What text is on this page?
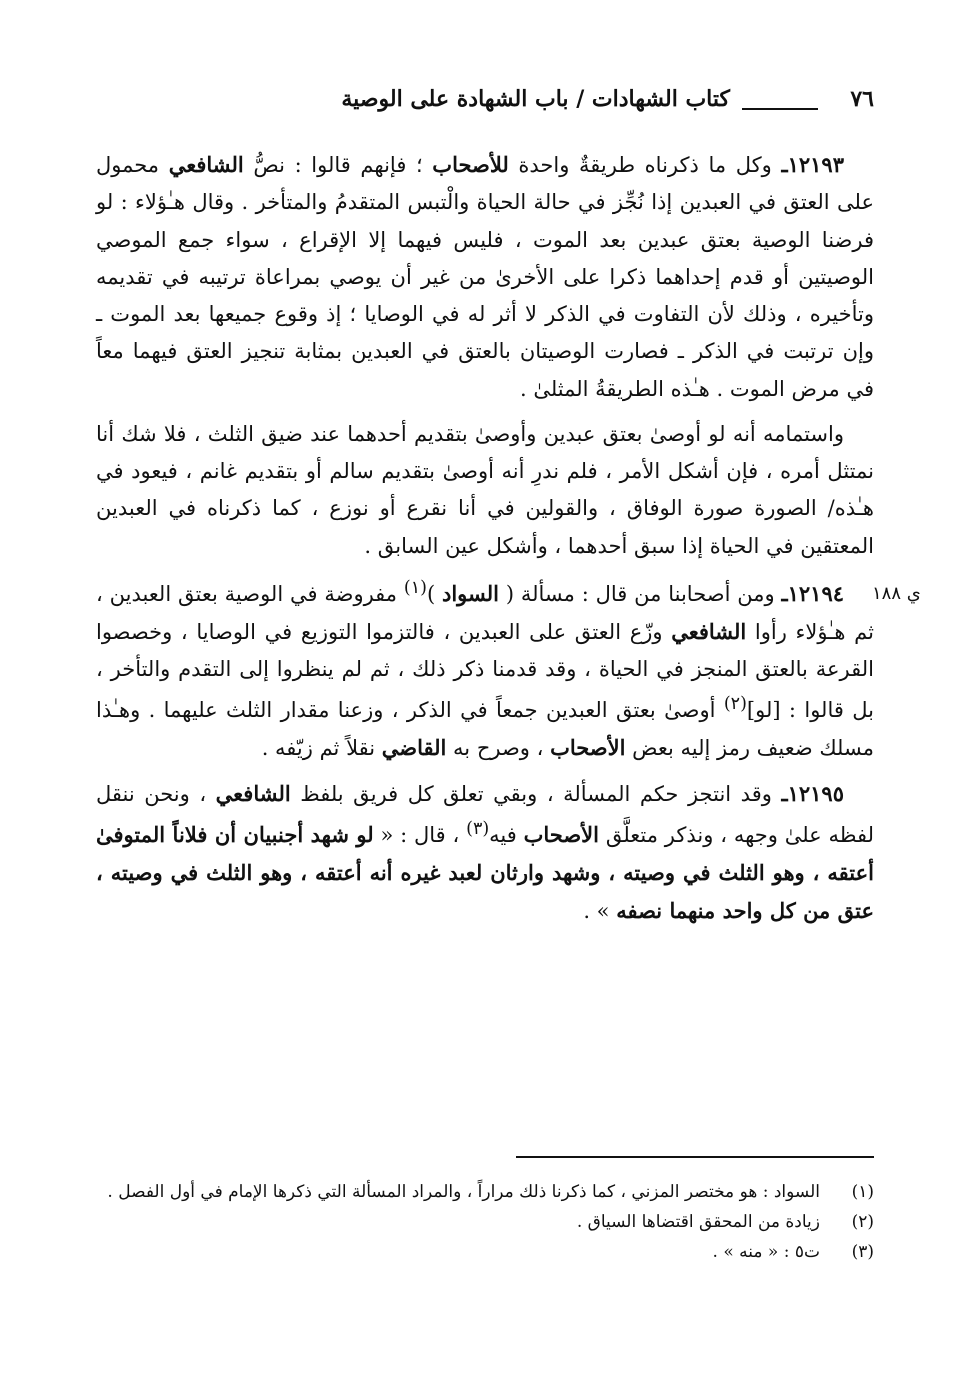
٧٦
كتاب الشهادات / باب الشهادة على الوصية

١٢١٩٣ـ وكل ما ذكرناه طريقةٌ واحدة للأصحاب ؛ فإنهم قالوا : نصُّ الشافعي محمول على العتق في العبدين إذا نُجِّز في حالة الحياة والْتبس المتقدمُ والمتأخر . وقال هـٰؤلاء : لو فرضنا الوصية بعتق عبدين بعد الموت ، فليس فيهما إلا الإقراع ، سواء جمع الموصي الوصيتين أو قدم إحداهما ذكرا على الأخرىٰ من غير أن يوصي بمراعاة ترتيبه في تقديمه وتأخيره ، وذلك لأن التفاوت في الذكر لا أثر له في الوصايا ؛ إذ وقوع جميعها بعد الموت ـ وإن ترتبت في الذكر ـ فصارت الوصيتان بالعتق في العبدين بمثابة تنجيز العتق فيهما معاً في مرض الموت . هـٰذه الطريقةُ المثلىٰ .

واستمامه أنه لو أوصىٰ بعتق عبدين وأوصىٰ بتقديم أحدهما عند ضيق الثلث ، فلا شك أنا نمتثل أمره ، فإن أشكل الأمر ، فلم ندرِ أنه أوصىٰ بتقديم سالم أو بتقديم غانم ، فيعود في هـٰذه/ الصورة صورة الوفاق ، والقولين في أنا نقرع أو نوزع ، كما ذكرناه في العبدين المعتقين في الحياة إذا سبق أحدهما ، وأشكل عين السابق .

١٢١٩٤ـ ومن أصحابنا من قال : مسألة ( السواد )$^{(١)}$ مفروضة في الوصية بعتق العبدين ، ثم هـٰؤلاء رأوا الشافعي وزّع العتق على العبدين ، فالتزموا التوزيع في الوصايا ، وخصصوا القرعة بالعتق المنجز في الحياة ، وقد قدمنا ذكر ذلك ، ثم لم ينظروا إلى التقدم والتأخر ، بل قالوا : [لو]$^{(٢)}$ أوصىٰ بعتق العبدين جمعاً في الذكر ، وزعنا مقدار الثلث عليهما . وهـٰذا مسلك ضعيف رمز إليه بعض الأصحاب ، وصرح به القاضي نقلاً ثم زيّفه .

١٢١٩٥ـ وقد انتجز حكم المسألة ، وبقي تعلق كل فريق بلفظ الشافعي ، ونحن ننقل لفظه علىٰ وجهه ، ونذكر متعلَّق الأصحاب فيه$^{(٣)}$ ، قال : « لو شهد أجنبيان أن فلاناً المتوفىٰ أعتقه ، وهو الثلث في وصيته ، وشهد وارثان لعبد غيره أنه أعتقه ، وهو الثلث في وصيته ، عتق من كل واحد منهما نصفه » .

ي ١٨٨
(١)
السواد : هو مختصر المزني ، كما ذكرنا ذلك مراراً ، والمراد المسألة التي ذكرها الإمام في أول الفصل .
(٢)
زيادة من المحقق اقتضاها السياق .
(٣)
ت٥ : « منه » .
